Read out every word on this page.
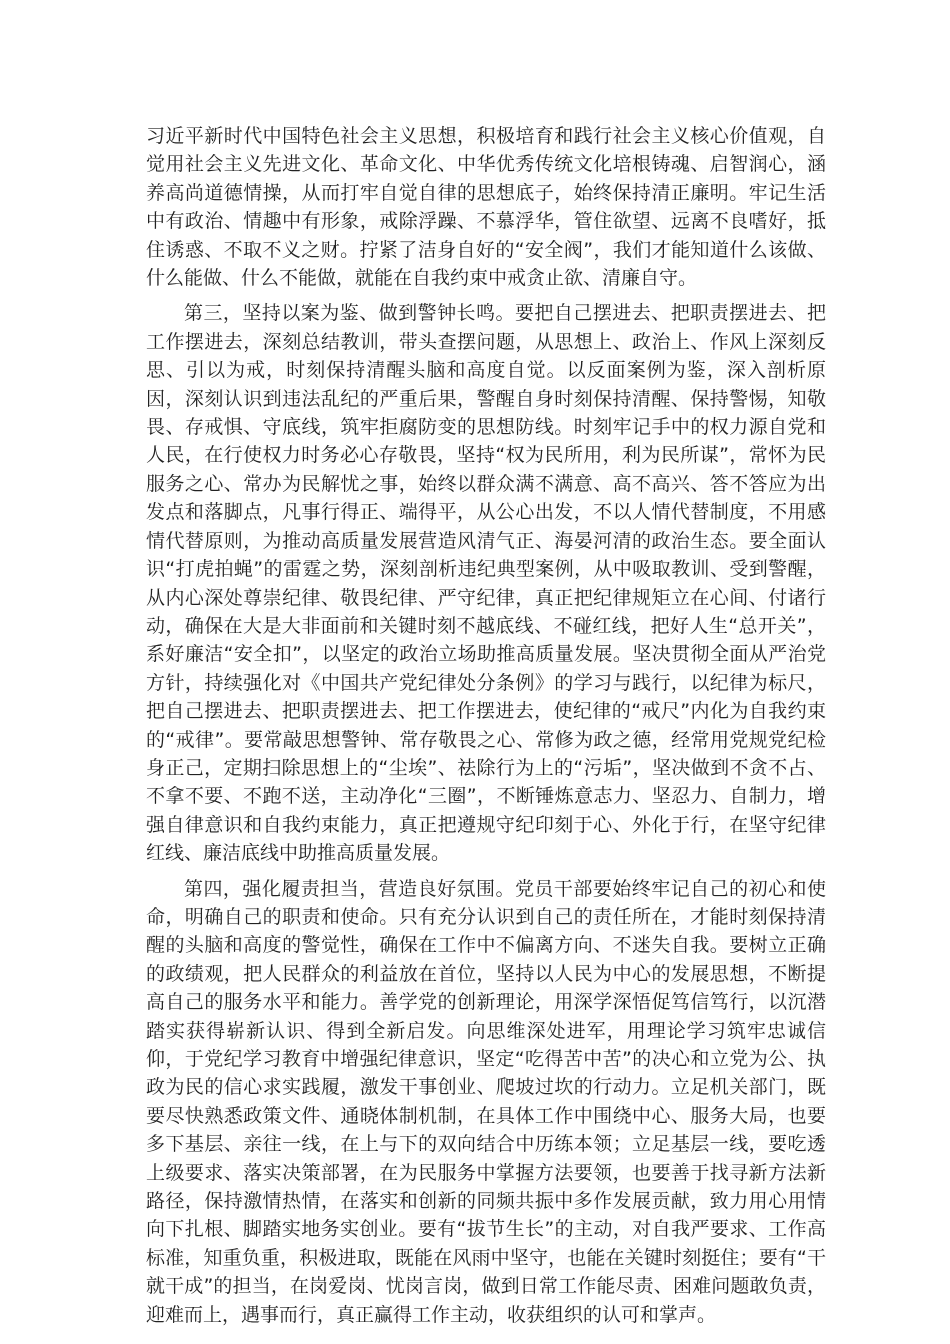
习近平新时代中国特色社会主义思想，积极培育和践行社会主义核心价值观，自觉用社会主义先进文化、革命文化、中华优秀传统文化培根铸魂、启智润心，涵养高尚道德情操，从而打牢自觉自律的思想底子，始终保持清正廉明。牢记生活中有政治、情趣中有形象，戒除浮躁、不慕浮华，管住欲望、远离不良嗜好，抵住诱惑、不取不义之财。拧紧了洁身自好的“安全阀”，我们才能知道什么该做、什么能做、什么不能做，就能在自我约束中戒贪止欲、清廉自守。

第三，坚持以案为鉴、做到警钟长鸣。要把自己摆进去、把职责摆进去、把工作摆进去，深刻总结教训，带头查摆问题，从思想上、政治上、作风上深刻反思、引以为戒，时刻保持清醒头脑和高度自觉。以反面案例为鉴，深入剖析原因，深刻认识到违法乱纪的严重后果，警醒自身时刻保持清醒、保持警惕，知敬畏、存戒惧、守底线，筑牢拒腐防变的思想防线。时刻牢记手中的权力源自党和人民，在行使权力时务必心存敬畏，坚持“权为民所用，利为民所谋”，常怀为民服务之心、常办为民解忧之事，始终以群众满不满意、高不高兴、答不答应为出发点和落脚点，凡事行得正、端得平，从公心出发，不以人情代替制度，不用感情代替原则，为推动高质量发展营造风清气正、海晏河清的政治生态。要全面认识“打虎拍蝇”的雷霆之势，深刻剖析违纪典型案例，从中吸取教训、受到警醒，从内心深处尊崇纪律、敬畏纪律、严守纪律，真正把纪律规矩立在心间、付诸行动，确保在大是大非面前和关键时刻不越底线、不碰红线，把好人生“总开关”，系好廉洁“安全扣”，以坚定的政治立场助推高质量发展。坚决贯彻全面从严治党方针，持续强化对《中国共产党纪律处分条例》的学习与践行，以纪律为标尺，把自己摆进去、把职责摆进去、把工作摆进去，使纪律的“戒尺”内化为自我约束的“戒律”。要常敲思想警钟、常存敬畏之心、常修为政之德，经常用党规党纪检身正己，定期扫除思想上的“尘埃”、祛除行为上的“污垢”，坚决做到不贪不占、不拿不要、不跑不送，主动净化“三圈”，不断锤炼意志力、坚忍力、自制力，增强自律意识和自我约束能力，真正把遵规守纪印刻于心、外化于行，在坚守纪律红线、廉洁底线中助推高质量发展。

第四，强化履责担当，营造良好氛围。党员干部要始终牢记自己的初心和使命，明确自己的职责和使命。只有充分认识到自己的责任所在，才能时刻保持清醒的头脑和高度的警觉性，确保在工作中不偏离方向、不迷失自我。要树立正确的政绩观，把人民群众的利益放在首位，坚持以人民为中心的发展思想，不断提高自己的服务水平和能力。善学党的创新理论，用深学深悟促笃信笃行，以沉潜踏实获得崭新认识、得到全新启发。向思维深处进军，用理论学习筑牢忠诚信仰，于党纪学习教育中增强纪律意识，坚定“吃得苦中苦”的决心和立党为公、执政为民的信心求实践履，激发干事创业、爬坡过坎的行动力。立足机关部门，既要尽快熟悉政策文件、通晓体制机制，在具体工作中围绕中心、服务大局，也要多下基层、亲往一线，在上与下的双向结合中历练本领；立足基层一线，要吃透上级要求、落实决策部署，在为民服务中掌握方法要领，也要善于找寻新方法新路径，保持激情热情，在落实和创新的同频共振中多作发展贡献，致力用心用情向下扎根、脚踏实地务实创业。要有“拔节生长”的主动，对自我严要求、工作高标准，知重负重，积极进取，既能在风雨中坚守，也能在关键时刻挺住；要有“干就干成”的担当，在岗爱岗、忧岗言岗，做到日常工作能尽责、困难问题敢负责，迎难而上，遇事而行，真正赢得工作主动，收获组织的认可和掌声。
